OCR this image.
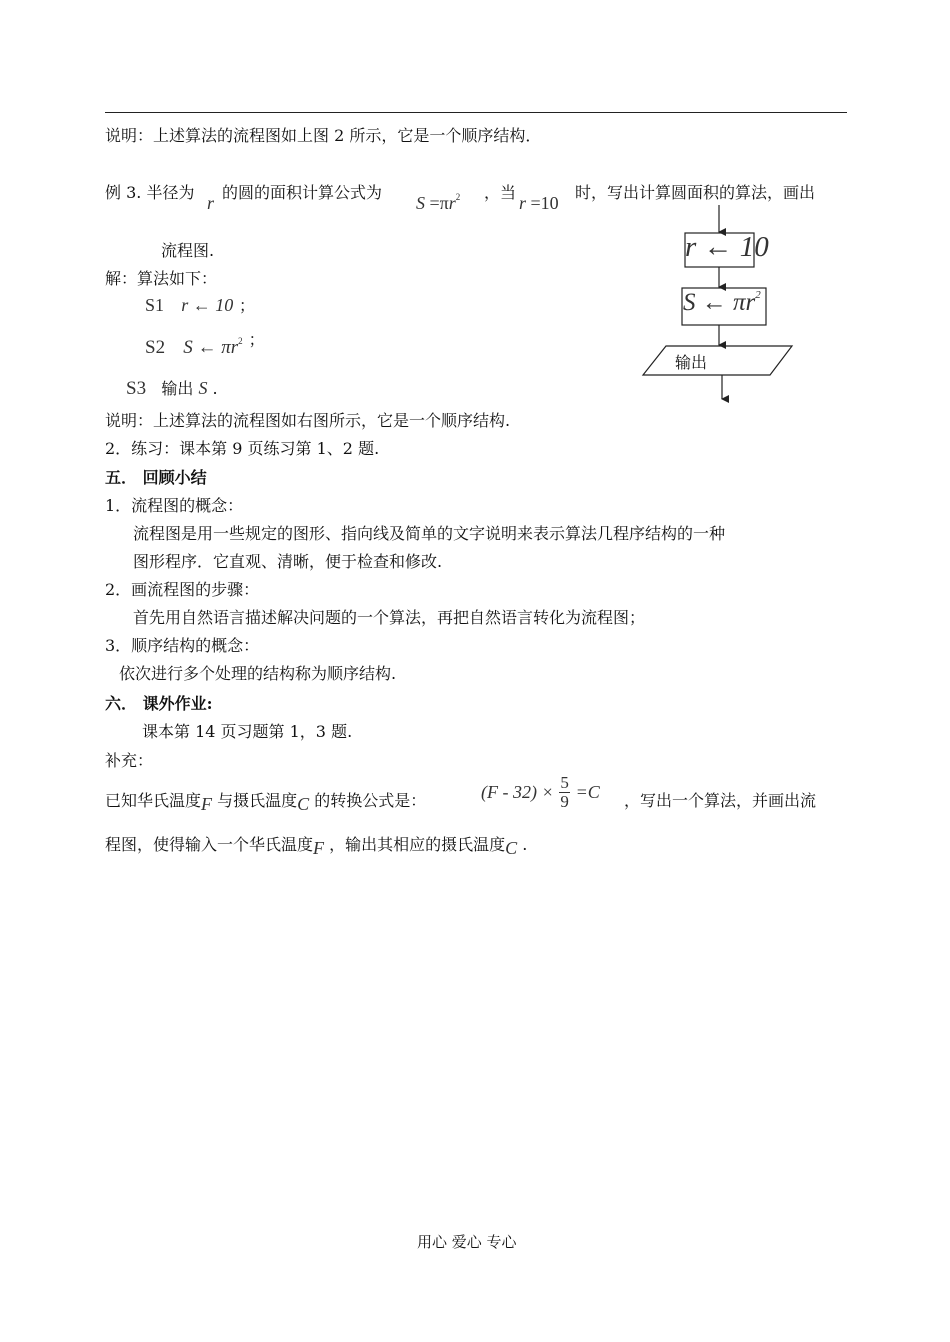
说明：上述算法的流程图如上图 2 所示，它是一个顺序结构．
例 3. 半径为
r
的圆的面积计算公式为
$S =\pi r^2$ ，当
r =10
时，写出计算圆面积的算法，画出
流程图.
解：算法如下：
S1 r ← 10 ；
S2 S ← $\pi r^2$ ；
S3 输出 S .
r ← 10
S ← $\pi r^2$
输出
说明：上述算法的流程图如右图所示，它是一个顺序结构.
2．练习：课本第 9 页练习第 1、2 题.
五． 回顾小结
1．流程图的概念：
流程图是用一些规定的图形、指向线及简单的文字说明来表示算法几程序结构的一种
图形程序．它直观、清晰，便于检查和修改.
2．画流程图的步骤：
首先用自然语言描述解决问题的一个算法，再把自然语言转化为流程图；
3．顺序结构的概念：
依次进行多个处理的结构称为顺序结构.
六． 课外作业:
课本第 14 页习题第 1，3 题.
补充：
已知华氏温度F 与摄氏温度C 的转换公式是：	$(F - 32) \times \frac{5}{9} =C$ ，写出一个算法，并画出流
程图，使得输入一个华氏温度F ，输出其相应的摄氏温度C .
用心 爱心 专心
